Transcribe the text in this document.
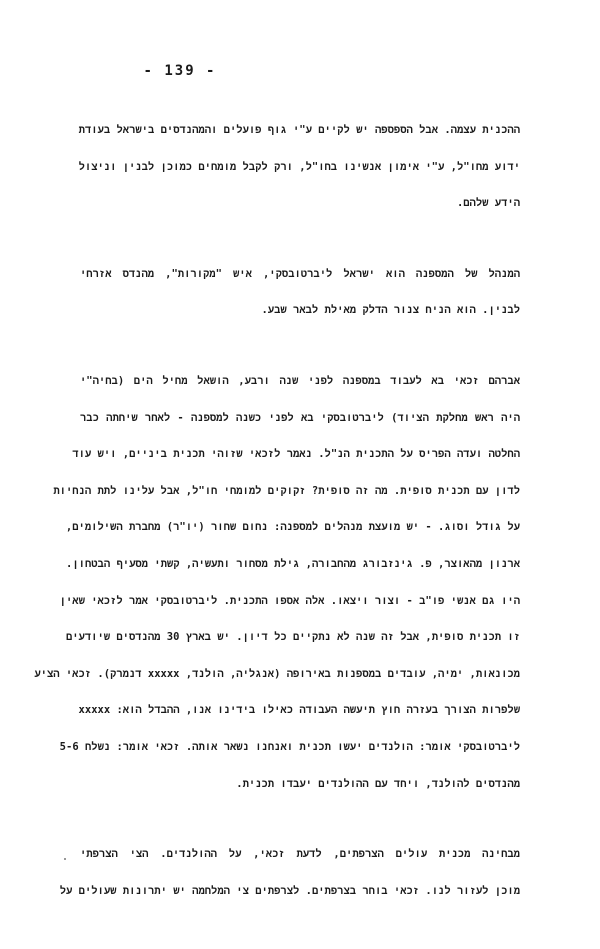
- 139 -
ההכנית עצמה. אבל הספספה יש לקיים ע"י גוף פועלים והמהנדסים בישראל בעודת
ידוע מחו"ל, ע"י אימון אנשינו בחו"ל, ורק לקבל מומחים כמוכן לבנין וניצול
הידע שלהם.
המנהל של המספנה הוא ישראל ליברטובסקי, איש "מקורות", מהנדס אזרחי
לבנין. הוא הניח צנור הדלק מאילת לבאר שבע.
אברהם זכאי בא לעבוד במספנה לפני שנה ורבע, הושאל מחיל הים (בחיה"י
היה ראש מחלקת הציוד) ליברטובסקי בא לפני כשנה למספנה - לאחר שיחתה כבר
החלטה ועדה הפריס על התכנית הנ"ל. נאמר לזכאי שזוהי תכנית ביניים, ויש עוד
לדון עם תכנית סופית. מה זה סופית? זקוקים למומחי חו"ל, אבל עלינו לתת הנחיות
על גודל וסוג. - יש מועצת מנהלים למספנה: נחום שחור (יו"ר) מחברת השילומים,
ארנון מהאוצר, פ. גינזבורג מהחבורה, גילת מסחור ותעשיה, קשתי מסעיף הבטחון.
היו גם אנשי פו"ב - וצור ויצאו. אלה אספו התכנית. ליברטובסקי אמר לזכאי שאין
זו תכנית סופית, אבל זה שנה לא נתקיים כל דיון. יש בארץ 30 מהנדסים שיודעים
מכונאות, ימיה, עובדים במספנות באירופה (אנגליה, הולנד, xxxxx דנמרק). זכאי הציע
שלפרות הצורך בעזרה חוץ תיעשה העבודה כאילו בידינו אנו, ההבדל הוא: xxxxx
ליברטובסקי אומר: הולנדים יעשו תכנית ואנחנו נשאר אותה. זכאי אומר: נשלח 5-6
מהנדסים להולנד, ויחד עם ההולנדים יעבדו תכנית.
מבחינה מכנית עולים הצרפתים, לדעת זכאי, על ההולנדים. הצי הצרפתי
מוכן לעזור לנו. זכאי בוחר בצרפתים. לצרפתים צי המלחמה יש יתרונות שעולים על
